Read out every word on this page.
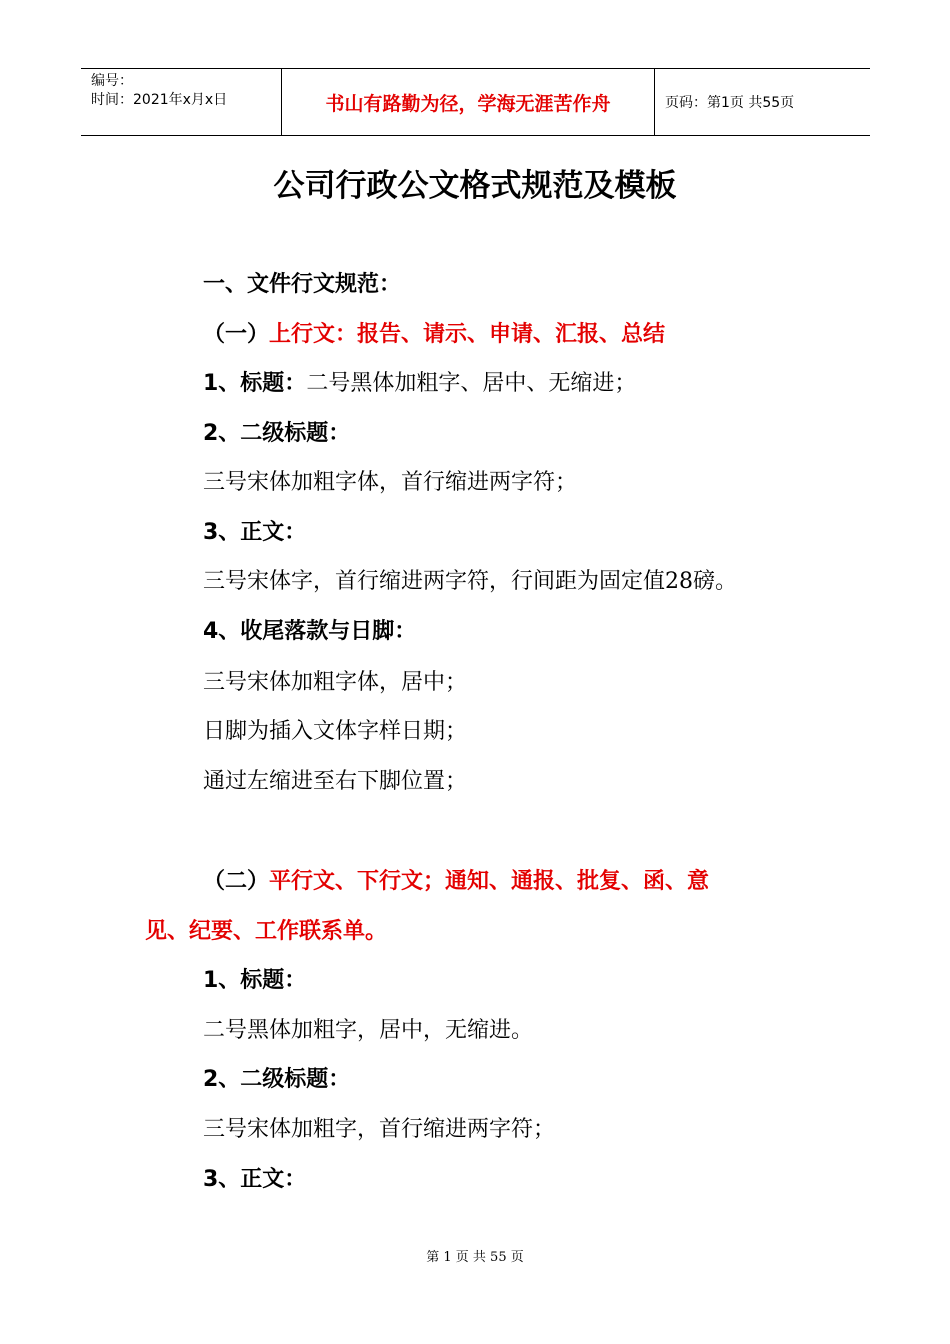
编号：
时间：2021年x月x日	书山有路勤为径，学海无涯苦作舟	页码：第1页 共55页
公司行政公文格式规范及模板
一、文件行文规范：
（一）上行文：报告、请示、申请、汇报、总结
1、标题：二号黑体加粗字、居中、无缩进；
2、二级标题：
三号宋体加粗字体，首行缩进两字符；
3、正文：
三号宋体字，首行缩进两字符，行间距为固定值28磅。
4、收尾落款与日脚：
三号宋体加粗字体，居中；
日脚为插入文体字样日期；
通过左缩进至右下脚位置；
（二）平行文、下行文；通知、通报、批复、函、意
见、纪要、工作联系单。
1、标题：
二号黑体加粗字，居中，无缩进。
2、二级标题：
三号宋体加粗字，首行缩进两字符；
3、正文：
第 1 页 共 55 页
